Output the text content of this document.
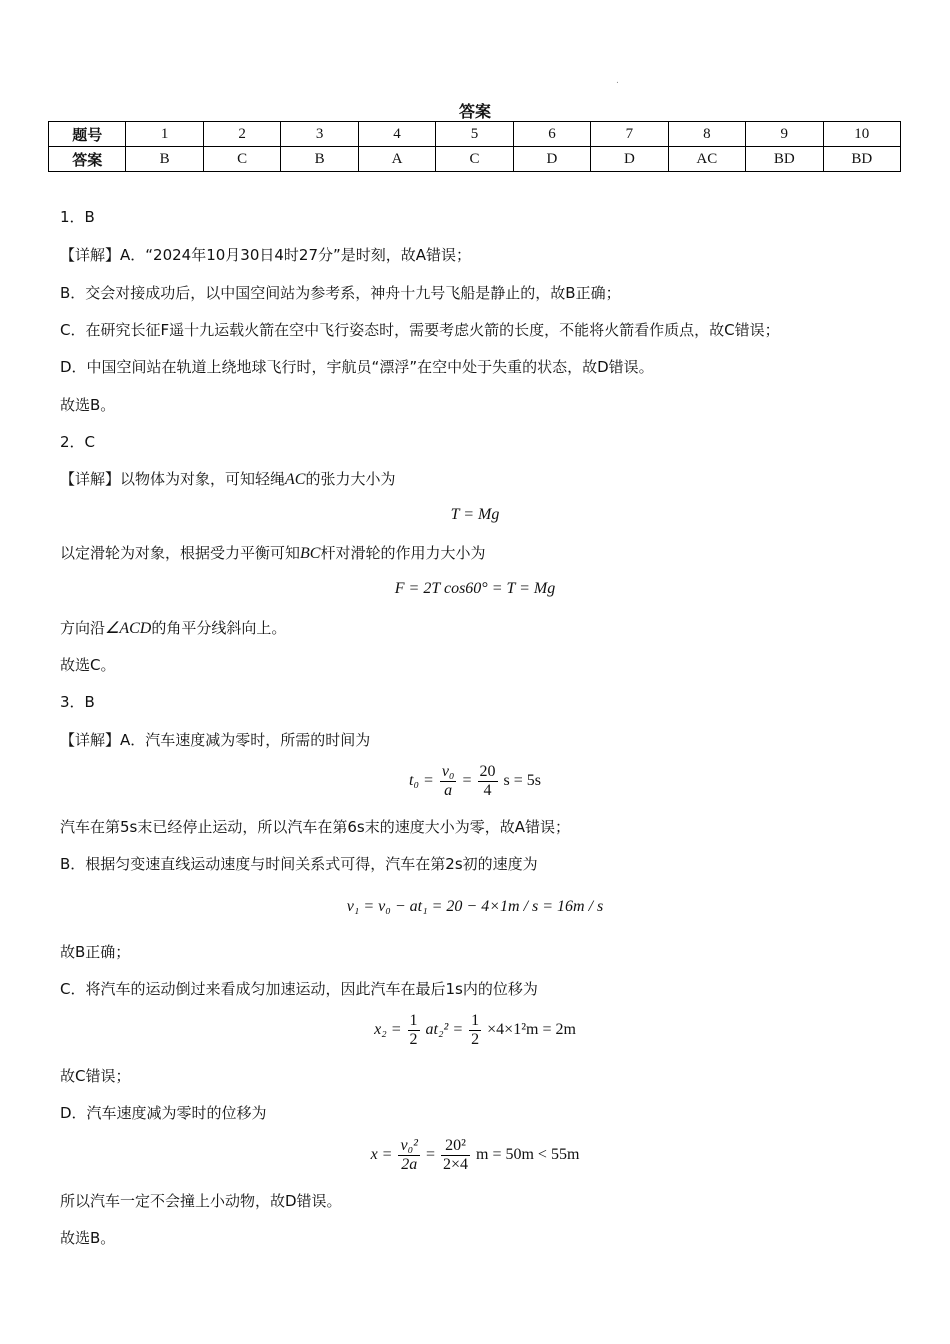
.
答案
题号	1	2	3	4	5	6	7	8	9	10
答案	B	C	B	A	C	D	D	AC	BD	BD
1．B
【详解】A．“2024年10月30日4时27分”是时刻，故A错误；
B．交会对接成功后，以中国空间站为参考系，神舟十九号飞船是静止的，故B正确；
C．在研究长征F遥十九运载火箭在空中飞行姿态时，需要考虑火箭的长度，不能将火箭看作质点，故C错误；
D．中国空间站在轨道上绕地球飞行时，宇航员“漂浮”在空中处于失重的状态，故D错误。
故选B。
2．C
【详解】以物体为对象，可知轻绳AC的张力大小为
T = Mg
以定滑轮为对象，根据受力平衡可知BC杆对滑轮的作用力大小为
F = 2T cos60° = T = Mg
方向沿∠ACD的角平分线斜向上。
故选C。
3．B
【详解】A．汽车速度减为零时，所需的时间为
$t_0 = \frac{\text{v₀}}{a} = \frac{20}{4}$ s = 5s
汽车在第5s末已经停止运动，所以汽车在第6s末的速度大小为零，故A错误；
B．根据匀变速直线运动速度与时间关系式可得，汽车在第2s初的速度为
v₁ = v₀ − at₁ = 20 − 4×1m / s = 16m / s
故B正确；
C．将汽车的运动倒过来看成匀加速运动，因此汽车在最后1s内的位移为
$x_2 = \frac{1}{2} at_2^2 = \frac{1}{2} \times 4\times 1^2m = 2m$
故C错误；
D．汽车速度减为零时的位移为
$x = \frac{\text{v₀²}}{2a} = \frac{\text{20²}}{2\times 4}$ m = 50m < 55m
所以汽车一定不会撞上小动物，故D错误。
故选B。
